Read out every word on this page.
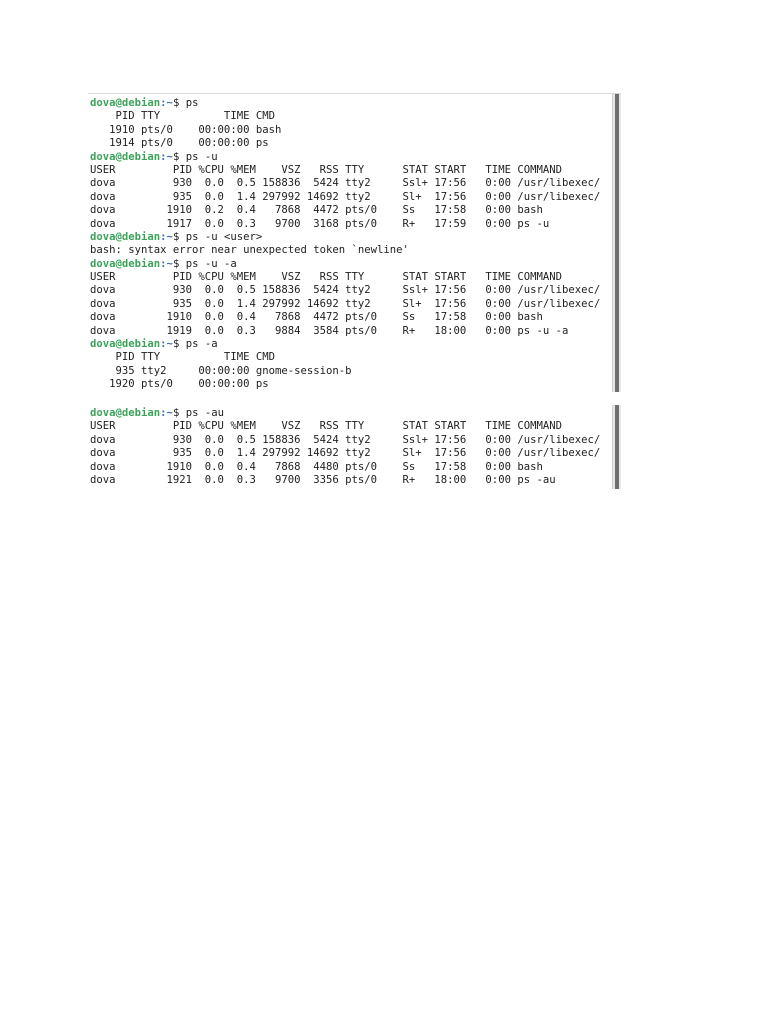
dova@debian:~$ ps
PID TTY          TIME CMD
1910 pts/0    00:00:00 bash
1914 pts/0    00:00:00 ps
dova@debian:~$ ps -u
USER         PID %CPU %MEM    VSZ   RSS TTY      STAT START   TIME COMMAND
dova         930  0.0  0.5 158836  5424 tty2     Ssl+ 17:56   0:00 /usr/libexec/
dova         935  0.0  1.4 297992 14692 tty2     Sl+  17:56   0:00 /usr/libexec/
dova        1910  0.2  0.4   7868  4472 pts/0    Ss   17:58   0:00 bash
dova        1917  0.0  0.3   9700  3168 pts/0    R+   17:59   0:00 ps -u
dova@debian:~$ ps -u <user>
bash: syntax error near unexpected token `newline'
dova@debian:~$ ps -u -a
USER         PID %CPU %MEM    VSZ   RSS TTY      STAT START   TIME COMMAND
dova         930  0.0  0.5 158836  5424 tty2     Ssl+ 17:56   0:00 /usr/libexec/
dova         935  0.0  1.4 297992 14692 tty2     Sl+  17:56   0:00 /usr/libexec/
dova        1910  0.0  0.4   7868  4472 pts/0    Ss   17:58   0:00 bash
dova        1919  0.0  0.3   9884  3584 pts/0    R+   18:00   0:00 ps -u -a
dova@debian:~$ ps -a
PID TTY          TIME CMD
935 tty2     00:00:00 gnome-session-b
1920 pts/0    00:00:00 ps
dova@debian:~$ ps -au
USER         PID %CPU %MEM    VSZ   RSS TTY      STAT START   TIME COMMAND
dova         930  0.0  0.5 158836  5424 tty2     Ssl+ 17:56   0:00 /usr/libexec/
dova         935  0.0  1.4 297992 14692 tty2     Sl+  17:56   0:00 /usr/libexec/
dova        1910  0.0  0.4   7868  4480 pts/0    Ss   17:58   0:00 bash
dova        1921  0.0  0.3   9700  3356 pts/0    R+   18:00   0:00 ps -au
